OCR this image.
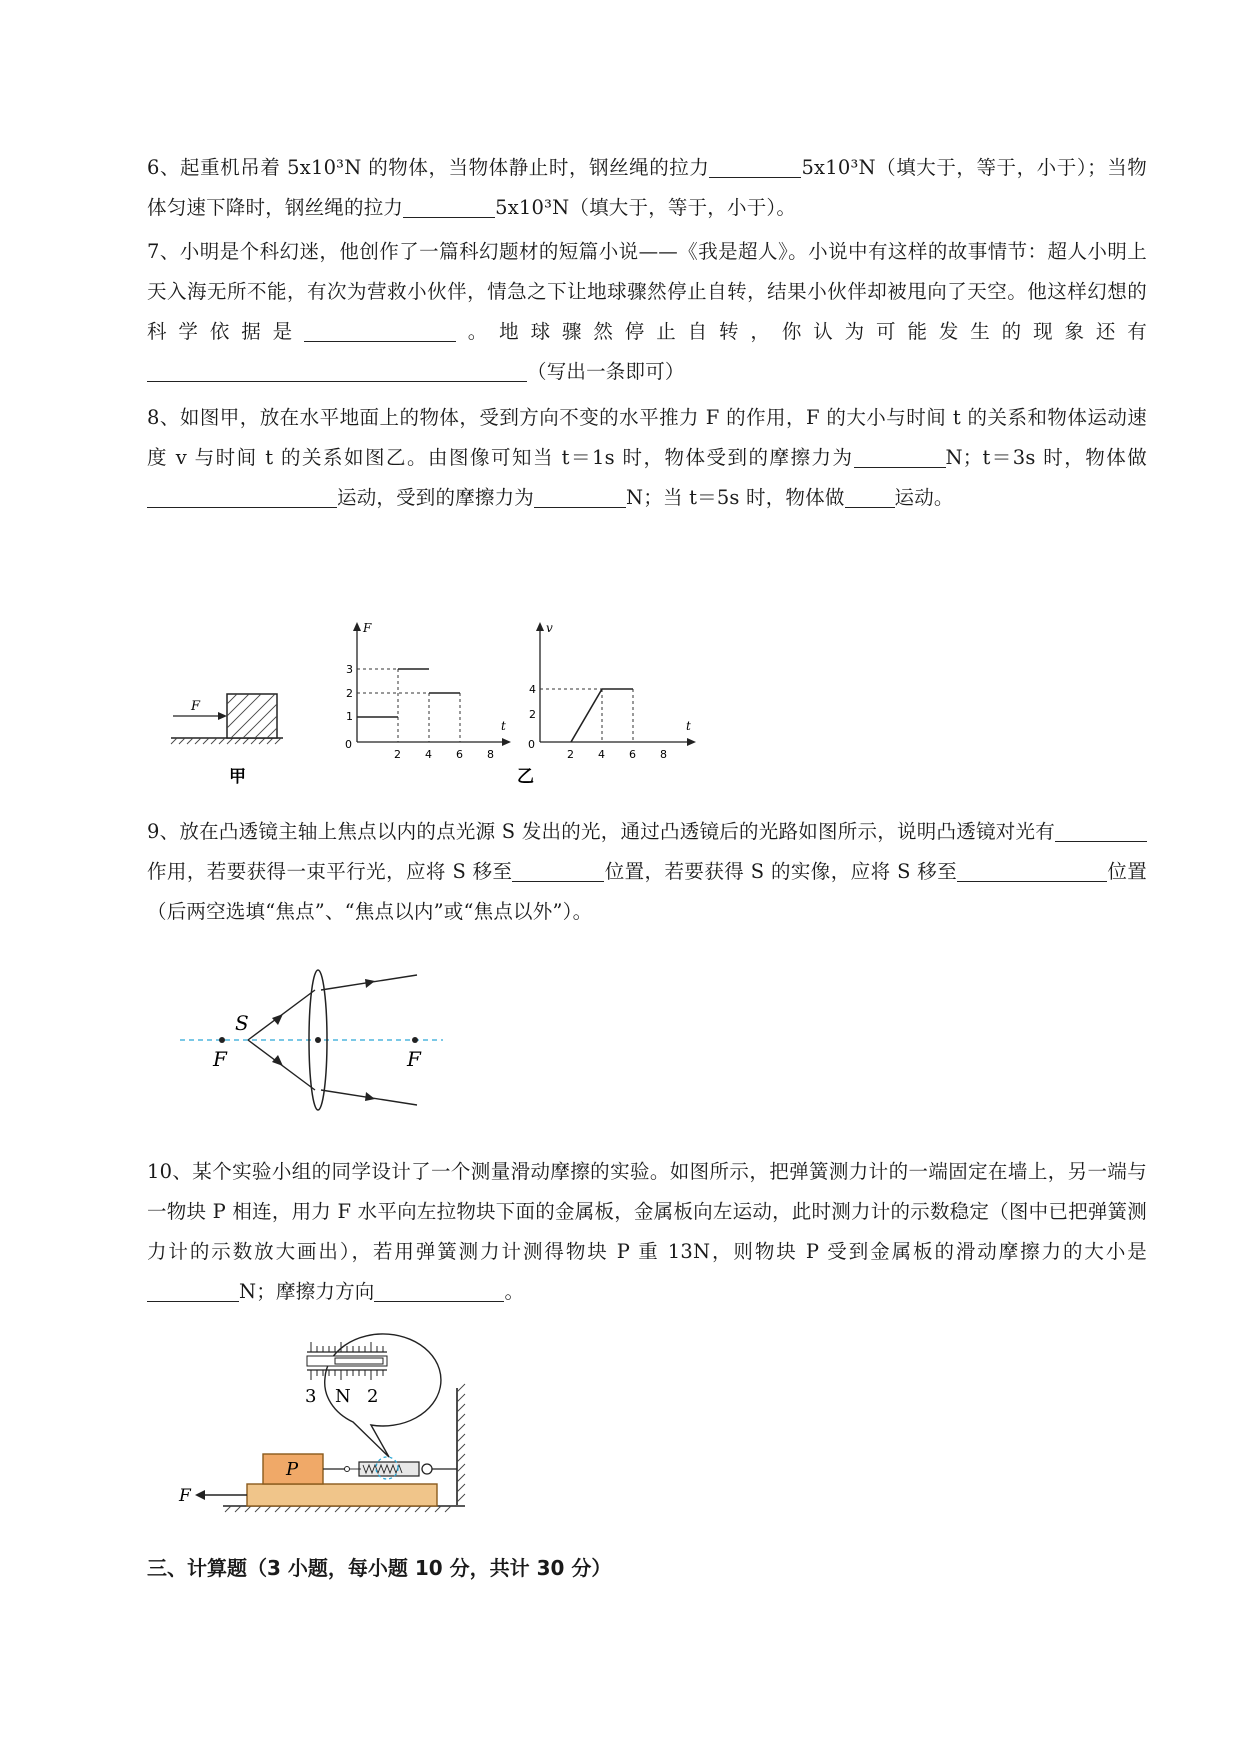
6、起重机吊着 5x10³N 的物体，当物体静止时，钢丝绳的拉力	5x10³N（填大于，等于，小于）；当物体匀速下降时，钢丝绳的拉力	5x10³N（填大于，等于，小于）。
7、小明是个科幻迷，他创作了一篇科幻题材的短篇小说——《我是超人》。小说中有这样的故事情节：超人小明上天入海无所不能，有次为营救小伙伴，情急之下让地球骤然停止自转，结果小伙伴却被甩向了天空。他这样幻想的科学依据是	。地球骤然停止自转，你认为可能发生的现象还有（写出一条即可）
8、如图甲，放在水平地面上的物体，受到方向不变的水平推力 F 的作用，F 的大小与时间 t 的关系和物体运动速度 v 与时间 t 的关系如图乙。由图像可知当 t＝1s 时，物体受到的摩擦力为	N；t＝3s 时，物体做运动，受到的摩擦力为	N；当 t＝5s 时，物体做	运动。
F
甲
F
t
0
2 4 6 8
1
2
3
v
t
0
2 4 6 8
2
4
乙
9、放在凸透镜主轴上焦点以内的点光源 S 发出的光，通过凸透镜后的光路如图所示，说明凸透镜对光有作用，若要获得一束平行光，应将 S 移至	位置，若要获得 S 的实像，应将 S 移至	位置（后两空选填“焦点”、“焦点以内”或“焦点以外”）。
F
S
F
10、某个实验小组的同学设计了一个测量滑动摩擦的实验。如图所示，把弹簧测力计的一端固定在墙上，另一端与一物块 P 相连，用力 F 水平向左拉物块下面的金属板，金属板向左运动，此时测力计的示数稳定（图中已把弹簧测力计的示数放大画出），若用弹簧测力计测得物块 P 重 13N，则物块 P 受到金属板的滑动摩擦力的大小是N；摩擦力方向	。
P
F
3 N 2
三、计算题（3 小题，每小题 10 分，共计 30 分）
